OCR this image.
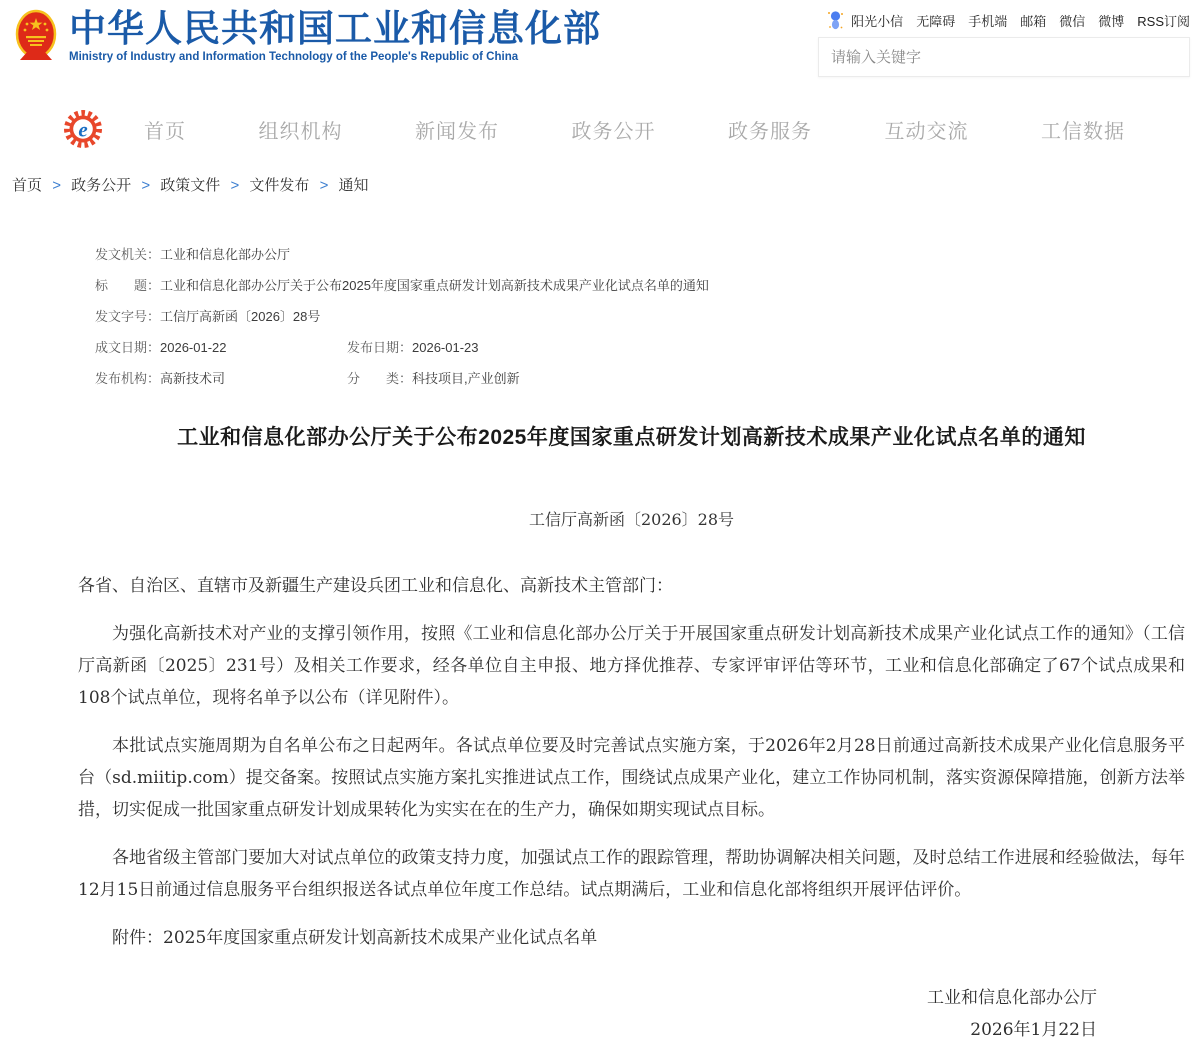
中华人民共和国工业和信息化部
Ministry of Industry and Information Technology of the People's Republic of China
阳光小信 无障碍 手机端 邮箱 微信 微博 RSS订阅
请输入关键字
e	首页	组织机构	新闻发布	政务公开	政务服务	互动交流	工信数据
首页 > 政务公开 > 政策文件 > 文件发布 > 通知
发文机关： 工业和信息化部办公厅
标　　题： 工业和信息化部办公厅关于公布2025年度国家重点研发计划高新技术成果产业化试点名单的通知
发文字号： 工信厅高新函〔2026〕28号
成文日期： 2026-01-22	发布日期： 2026-01-23
发布机构： 高新技术司	分　　类： 科技项目,产业创新
工业和信息化部办公厅关于公布2025年度国家重点研发计划高新技术成果产业化试点名单的通知
工信厅高新函〔2026〕28号

各省、自治区、直辖市及新疆生产建设兵团工业和信息化、高新技术主管部门：

为强化高新技术对产业的支撑引领作用，按照《工业和信息化部办公厅关于开展国家重点研发计划高新技术成果产业化试点工作的通知》（工信厅高新函〔2025〕231号）及相关工作要求，经各单位自主申报、地方择优推荐、专家评审评估等环节，工业和信息化部确定了67个试点成果和108个试点单位，现将名单予以公布（详见附件）。

本批试点实施周期为自名单公布之日起两年。各试点单位要及时完善试点实施方案，于2026年2月28日前通过高新技术成果产业化信息服务平台（sd.miitip.com）提交备案。按照试点实施方案扎实推进试点工作，围绕试点成果产业化，建立工作协同机制，落实资源保障措施，创新方法举措，切实促成一批国家重点研发计划成果转化为实实在在的生产力，确保如期实现试点目标。

各地省级主管部门要加大对试点单位的政策支持力度，加强试点工作的跟踪管理，帮助协调解决相关问题，及时总结工作进展和经验做法，每年12月15日前通过信息服务平台组织报送各试点单位年度工作总结。试点期满后，工业和信息化部将组织开展评估评价。

附件：2025年度国家重点研发计划高新技术成果产业化试点名单

工业和信息化部办公厅
2026年1月22日
